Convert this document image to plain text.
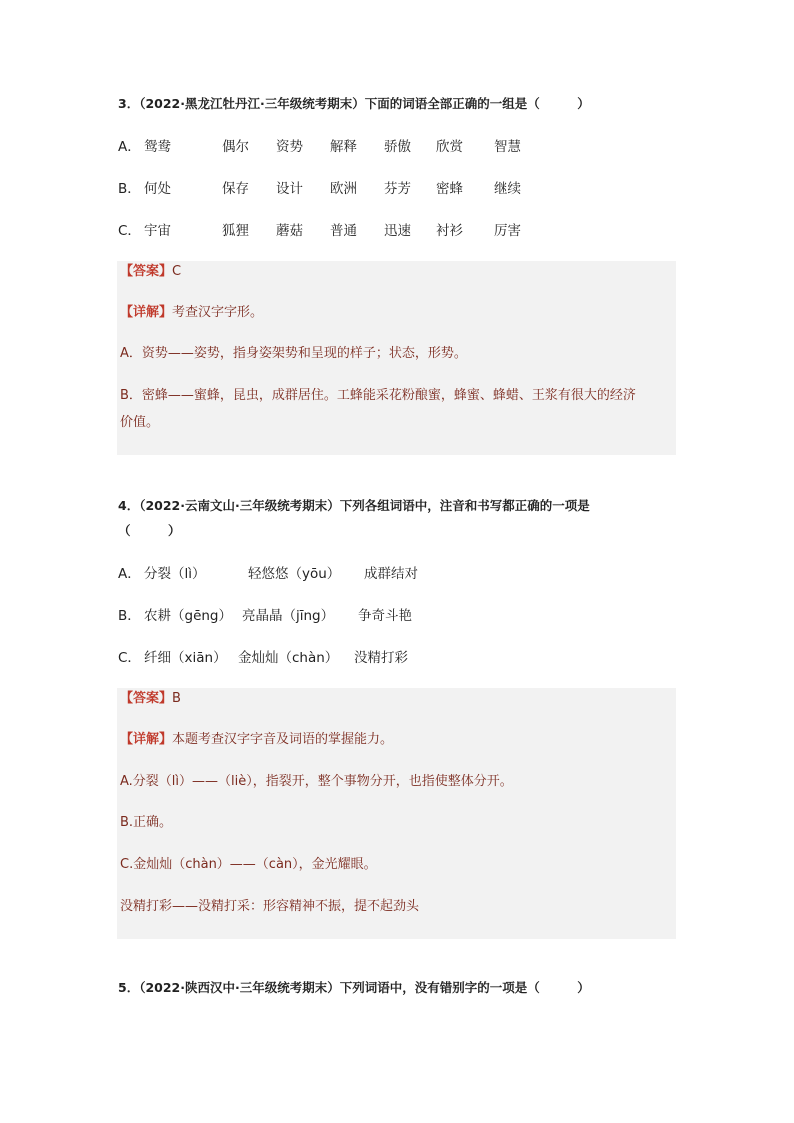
3．（2022·黑龙江牡丹江·三年级统考期末）下面的词语全部正确的一组是（　　　）
A． 鸳鸯	偶尔 资势 解释 骄傲 欣赏 智慧
B． 何处	保存 设计 欧洲 芬芳 密蜂 继续
C． 宇宙	狐狸 蘑菇 普通 迅速 衬衫 厉害
【答案】C
【详解】考查汉字字形。
A．资势——姿势，指身姿架势和呈现的样子；状态，形势。
B．密蜂——蜜蜂，昆虫，成群居住。工蜂能采花粉酿蜜，蜂蜜、蜂蜡、王浆有很大的经济
价值。
4．（2022·云南文山·三年级统考期末）下列各组词语中，注音和书写都正确的一项是
（　　　）
A． 分裂（lì）	轻悠悠（yōu） 成群结对
B． 农耕（gēng） 亮晶晶（jīng） 争奇斗艳
C． 纤细（xiān） 金灿灿（chàn） 没精打彩
【答案】B
【详解】本题考查汉字字音及词语的掌握能力。
A.分裂（lì）——（liè），指裂开，整个事物分开，也指使整体分开。
B.正确。
C.金灿灿（chàn）——（càn），金光耀眼。
没精打彩——没精打采：形容精神不振，提不起劲头
5．（2022·陕西汉中·三年级统考期末）下列词语中，没有错别字的一项是（　　　）
